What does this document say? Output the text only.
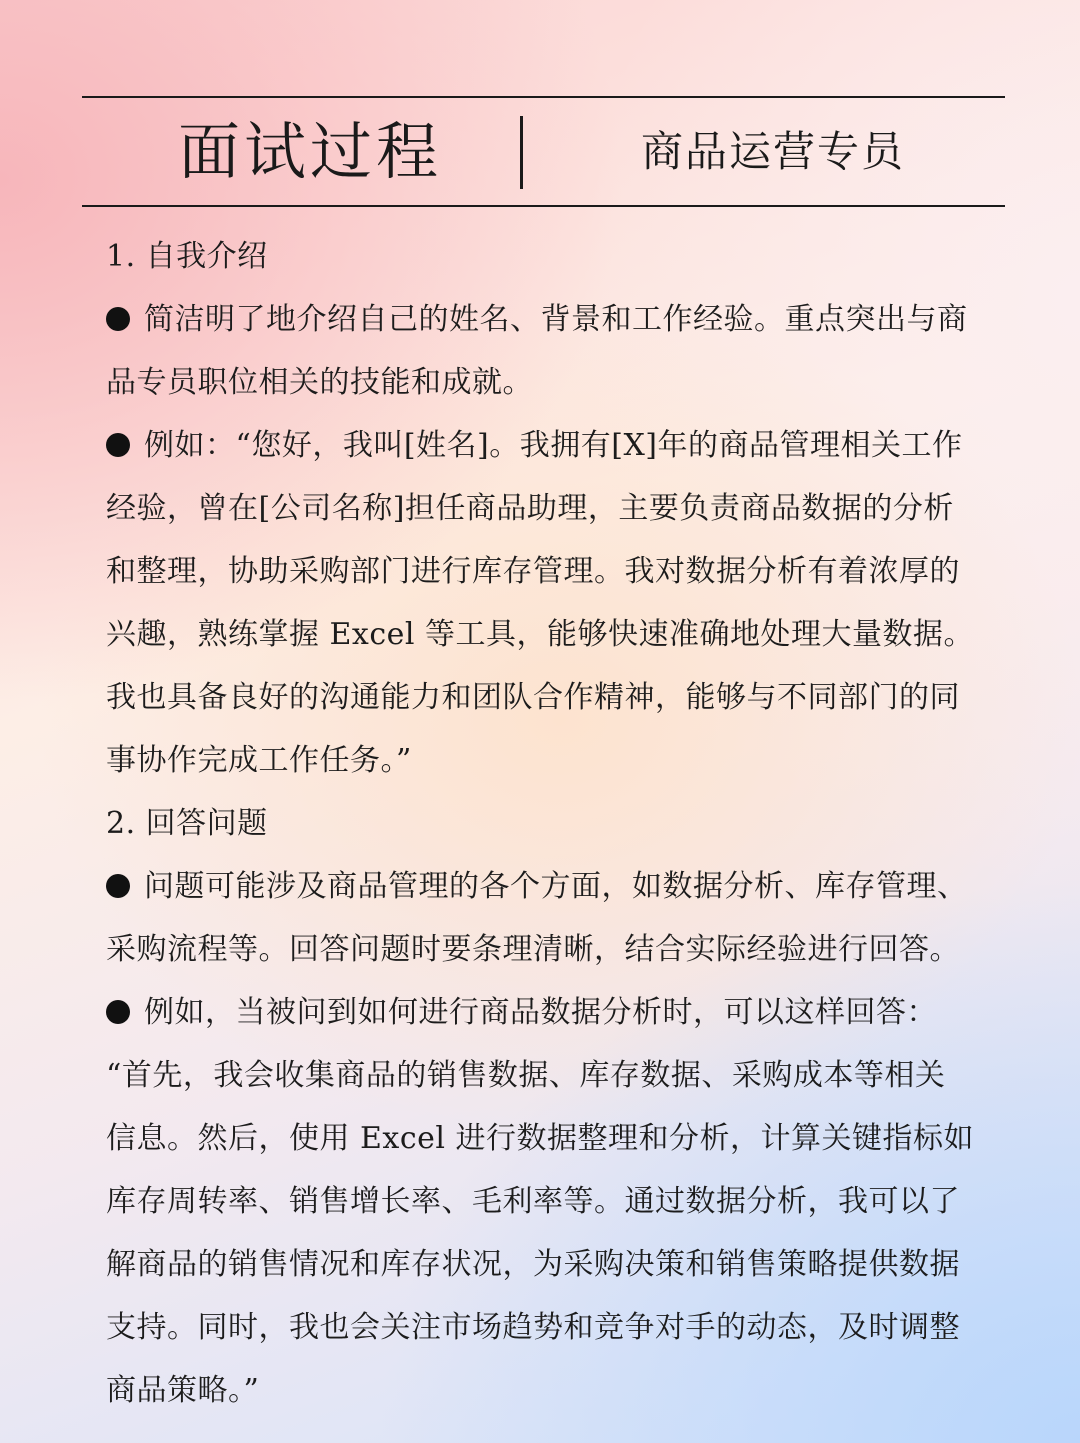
面试过程	商品运营专员
1. 自我介绍
简洁明了地介绍自己的姓名、背景和工作经验。重点突出与商
品专员职位相关的技能和成就。
例如：“您好，我叫[姓名]。我拥有[X]年的商品管理相关工作
经验，曾在[公司名称]担任商品助理，主要负责商品数据的分析
和整理，协助采购部门进行库存管理。我对数据分析有着浓厚的
兴趣，熟练掌握 Excel 等工具，能够快速准确地处理大量数据。
我也具备良好的沟通能力和团队合作精神，能够与不同部门的同
事协作完成工作任务。”
2. 回答问题
问题可能涉及商品管理的各个方面，如数据分析、库存管理、
采购流程等。回答问题时要条理清晰，结合实际经验进行回答。
例如，当被问到如何进行商品数据分析时，可以这样回答：
“首先，我会收集商品的销售数据、库存数据、采购成本等相关
信息。然后，使用 Excel 进行数据整理和分析，计算关键指标如
库存周转率、销售增长率、毛利率等。通过数据分析，我可以了
解商品的销售情况和库存状况，为采购决策和销售策略提供数据
支持。同时，我也会关注市场趋势和竞争对手的动态，及时调整
商品策略。”
